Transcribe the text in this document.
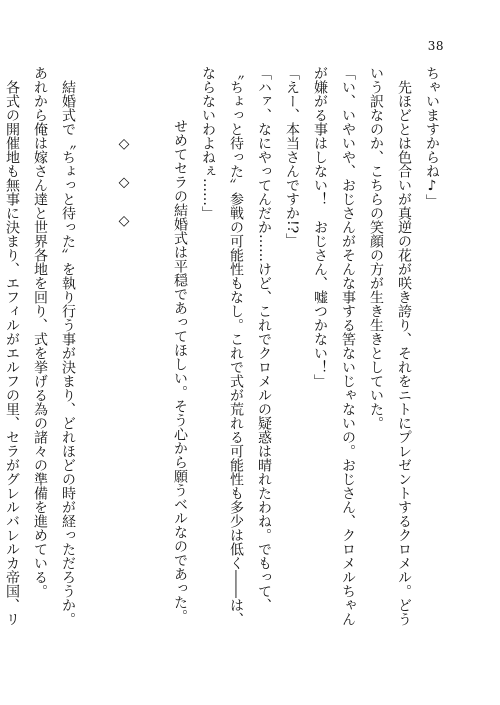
38

ちゃいますからね♪」

先ほどとは色合いが真逆の花が咲き誇り、それをニトにプレゼントするクロメル。どう

いう訳なのか、こちらの笑顔の方が生き生きとしていた。

「い、いやいや、おじさんがそんな事する筈ないじゃないの。おじさん、クロメルちゃん

が嫌がる事はしない！　おじさん、嘘つかない！」

「えー、本当さんですか!?」

「ハァ、なにやってんだか……けど、これでクロメルの疑惑は晴れたわね。でもって、

〝ちょっと待った〟参戦の可能性もなし。これで式が荒れる可能性も多少は低く――は、

ならないわよねぇ……」

せめてセラの結婚式は平穏であってほしい。そう心から願うベルなのであった。

◇◇◇

結婚式で〝ちょっと待った〟を執り行う事が決まり、どれほどの時が経っただろうか。

あれから俺は嫁さん達と世界各地を回り、式を挙げる為の諸々の準備を進めている。

各式の開催地も無事に決まり、エフィルがエルフの里、セラがグレルバレルカ帝国、リ
